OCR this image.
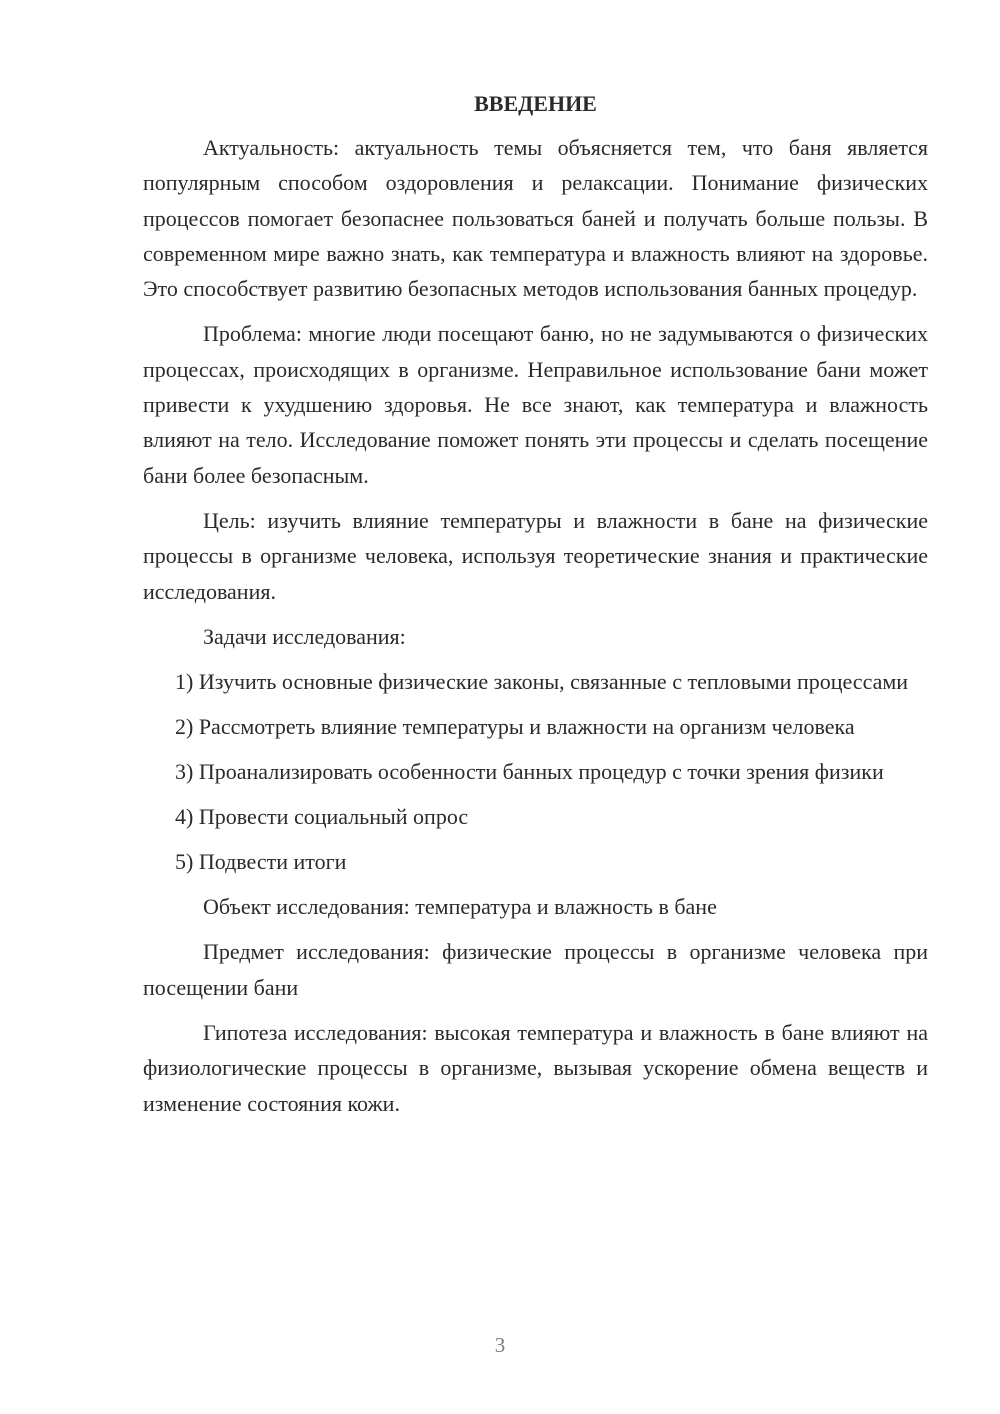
ВВЕДЕНИЕ

Актуальность: актуальность темы объясняется тем, что баня является популярным способом оздоровления и релаксации. Понимание физических процессов помогает безопаснее пользоваться баней и получать больше пользы. В современном мире важно знать, как температура и влажность влияют на здоровье. Это способствует развитию безопасных методов использования банных процедур.

Проблема: многие люди посещают баню, но не задумываются о физических процессах, происходящих в организме. Неправильное использование бани может привести к ухудшению здоровья. Не все знают, как температура и влажность влияют на тело. Исследование поможет понять эти процессы и сделать посещение бани более безопасным.

Цель: изучить влияние температуры и влажности в бане на физические процессы в организме человека, используя теоретические знания и практические исследования.

Задачи исследования:

1) Изучить основные физические законы, связанные с тепловыми процессами

2) Рассмотреть влияние температуры и влажности на организм человека

3) Проанализировать особенности банных процедур с точки зрения физики

4) Провести социальный опрос

5) Подвести итоги

Объект исследования: температура и влажность в бане

Предмет исследования: физические процессы в организме человека при посещении бани

Гипотеза исследования: высокая температура и влажность в бане влияют на физиологические процессы в организме, вызывая ускорение обмена веществ и изменение состояния кожи.

3
